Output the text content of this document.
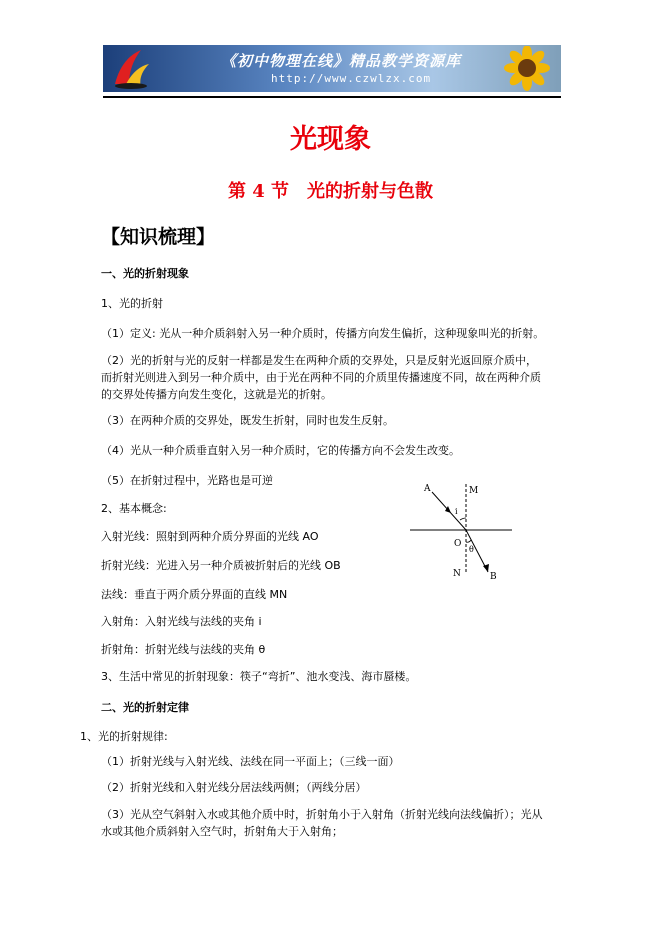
《初中物理在线》精品教学资源库
http://www.czwlzx.com
光现象
第 4 节 光的折射与色散
【知识梳理】
一、光的折射现象
1、光的折射
（1）定义: 光从一种介质斜射入另一种介质时，传播方向发生偏折，这种现象叫光的折射。
（2）光的折射与光的反射一样都是发生在两种介质的交界处，只是反射光返回原介质中，
而折射光则进入到另一种介质中，由于光在两种不同的介质里传播速度不同，故在两种介质
的交界处传播方向发生变化，这就是光的折射。
（3）在两种介质的交界处，既发生折射，同时也发生反射。
（4）光从一种介质垂直射入另一种介质时，它的传播方向不会发生改变。
（5）在折射过程中，光路也是可逆
2、基本概念:
入射光线：照射到两种介质分界面的光线 AO
折射光线：光进入另一种介质被折射后的光线 OB
法线：垂直于两介质分界面的直线 MN
入射角：入射光线与法线的夹角 i
折射角：折射光线与法线的夹角 θ
3、生活中常见的折射现象：筷子“弯折”、池水变浅、海市蜃楼。
二、光的折射定律
1、光的折射规律:
（1）折射光线与入射光线、法线在同一平面上；（三线一面）
（2）折射光线和入射光线分居法线两侧；（两线分居）
（3）光从空气斜射入水或其他介质中时，折射角小于入射角（折射光线向法线偏折）；光从
水或其他介质斜射入空气时，折射角大于入射角；
A	M
i
O
θ
N	B
